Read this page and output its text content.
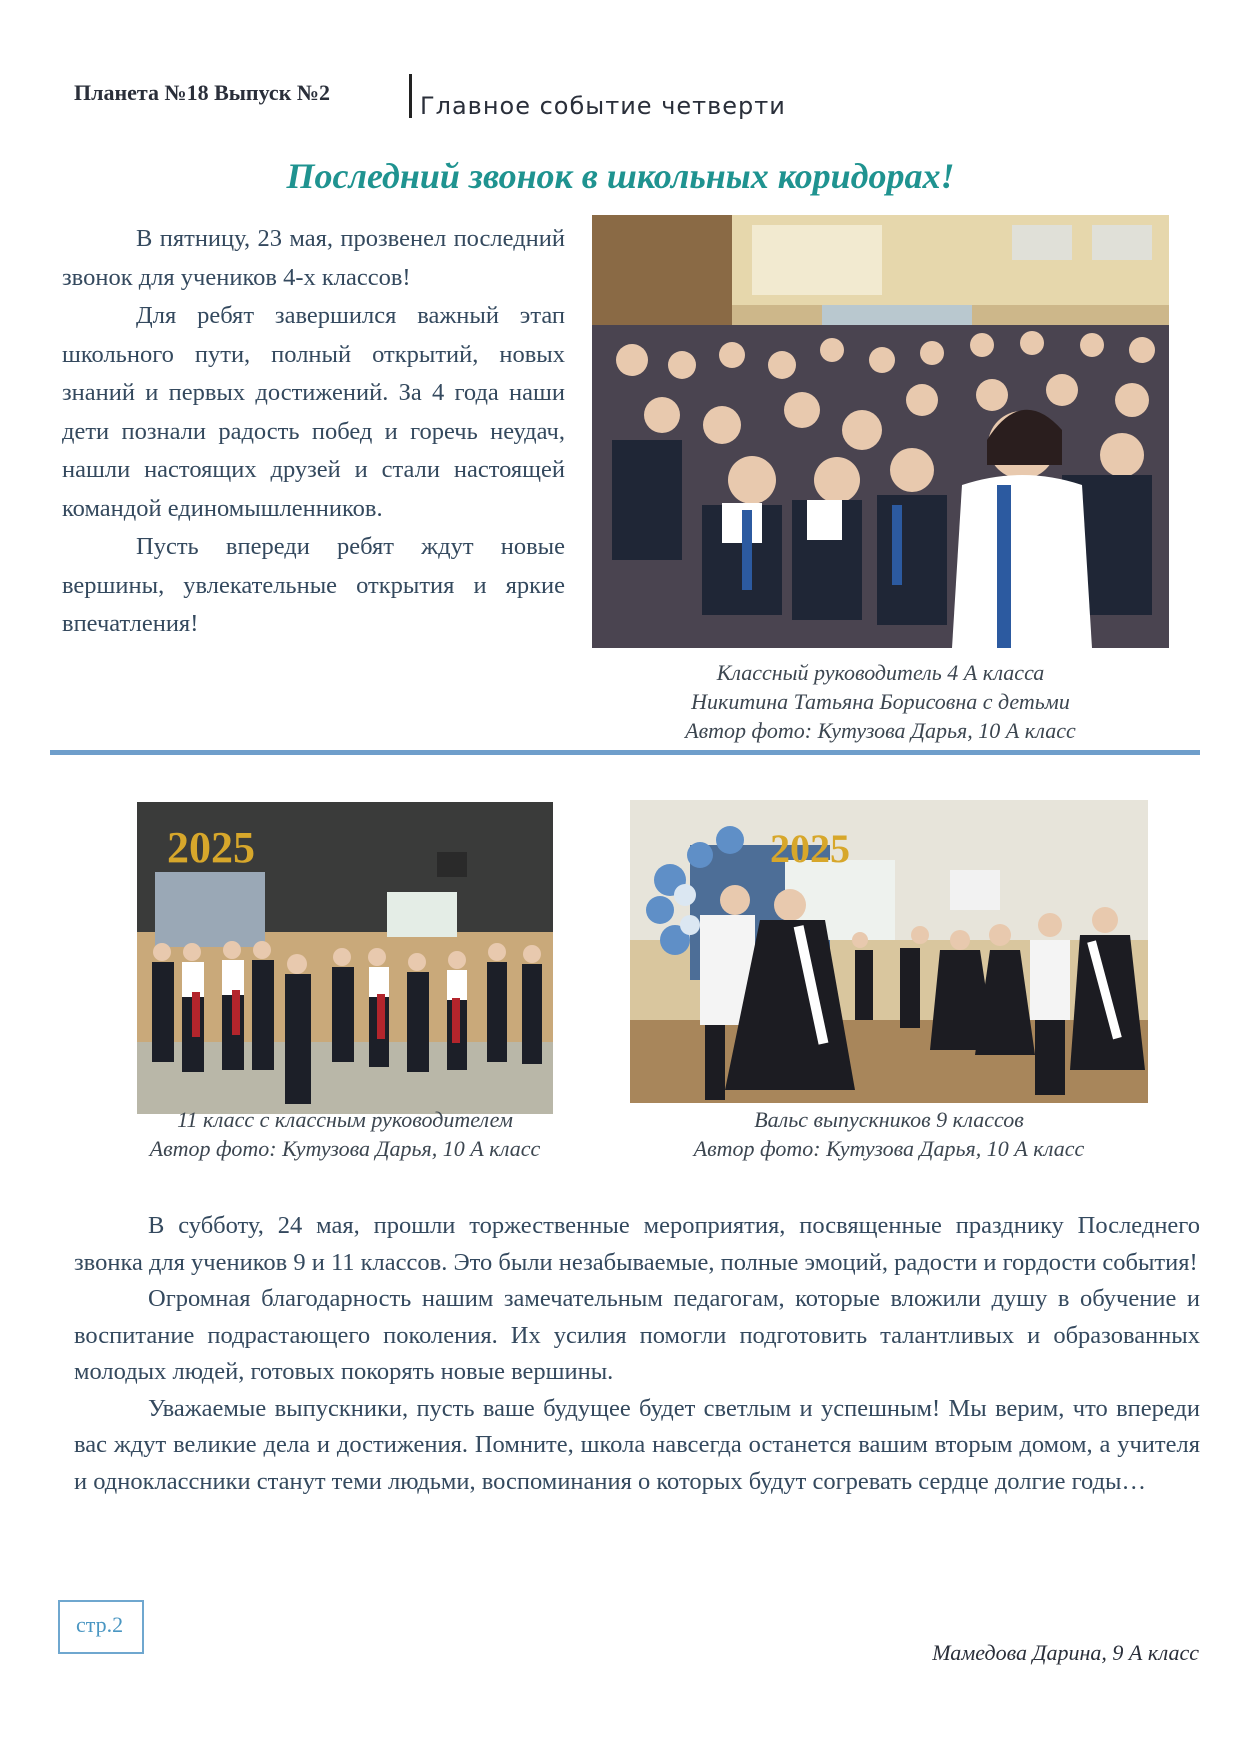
Планета №18 Выпуск №2	Главное событие четверти
Последний звонок в школьных коридорах!

В пятницу, 23 мая, прозвенел последний звонок для учеников 4-х классов!

Для ребят завершился важный этап школьного пути, полный открытий, новых знаний и первых достижений. За 4 года наши дети познали радость побед и горечь неудач, нашли настоящих друзей и стали настоящей командой единомышленников.

Пусть впереди ребят ждут новые вершины, увлекательные открытия и яркие впечатления!

Классный руководитель 4 А класса
Никитина Татьяна Борисовна с детьми
Автор фото: Кутузова Дарья, 10 А класс
2025
11 класс с классным руководителем
Автор фото: Кутузова Дарья, 10 А класс
2025
Вальс выпускников 9 классов
Автор фото: Кутузова Дарья, 10 А класс

В субботу, 24 мая, прошли торжественные мероприятия, посвященные празднику Последнего звонка для учеников 9 и 11 классов. Это были незабываемые, полные эмоций, радости и гордости события!

Огромная благодарность нашим замечательным педагогам, которые вложили душу в обучение и воспитание подрастающего поколения. Их усилия помогли подготовить талантливых и образованных молодых людей, готовых покорять новые вершины.

Уважаемые выпускники, пусть ваше будущее будет светлым и успешным! Мы верим, что впереди вас ждут великие дела и достижения. Помните, школа навсегда останется вашим вторым домом, а учителя и одноклассники станут теми людьми, воспоминания о которых будут согревать сердце долгие годы…

стр.2
Мамедова Дарина, 9 А класс
